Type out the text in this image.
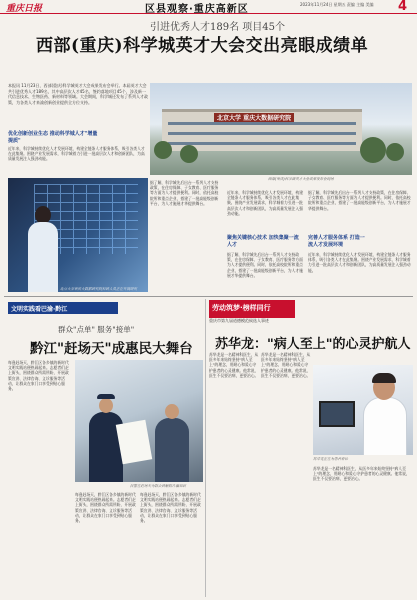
重庆日报	区县观察·重庆高新区	2023年11月24日 星期五 责编 主编 美编	4
引进优秀人才189名 项目45个
西部(重庆)科学城英才大会交出亮眼成绩单
本报讯 11月23日，西部(重庆)科学城英才大会成果发布会举行。本届英才大会共引进优秀人才189名，其中高层次人才45名，签约落地项目45个，涉及新一代信息技术、生物医药、新材料等领域。大会期间，科学城还发布了系列人才政策，为各类人才来渝创新创业提供全方位支持。
北京大学 重庆大数据研究院
西部(重庆)科学城英才大会成果发布会现场
优化创新创业生态 推动科学城人才"增量提质"
近年来，科学城持续优化人才发展环境，构建全链条人才服务体系，吸引各类人才在此集聚。围绕产业发展需求，科学城着力引进一批高层次人才和创新团队，为高质量发展注入强劲动能。
北京大学重庆大数据研究院科研人员正在开展研究
据了解，科学城先后出台一系列人才支持政策，在住房保障、子女教育、医疗服务等方面为人才提供便利。同时，依托高校院所和重点企业，搭建了一批高能级创新平台，为人才施展才华提供舞台。
近年来，科学城持续优化人才发展环境，构建全链条人才服务体系，吸引各类人才在此集聚。围绕产业发展需求，科学城着力引进一批高层次人才和创新团队，为高质量发展注入强劲动能。
聚焦关键核心技术 加快集聚一流人才
据了解，科学城先后出台一系列人才支持政策，在住房保障、子女教育、医疗服务等方面为人才提供便利。同时，依托高校院所和重点企业，搭建了一批高能级创新平台，为人才施展才华提供舞台。
完善人才服务体系 打造一流人才发展环境
据了解，科学城先后出台一系列人才支持政策，在住房保障、子女教育、医疗服务等方面为人才提供便利。同时，依托高校院所和重点企业，搭建了一批高能级创新平台，为人才施展才华提供舞台。
近年来，科学城持续优化人才发展环境，构建全链条人才服务体系，吸引各类人才在此集聚。围绕产业发展需求，科学城着力引进一批高层次人才和创新团队，为高质量发展注入强劲动能。
文明实践看巴渝·黔江
群众"点单" 服务"接单"
黔江"赶场天"成惠民大舞台
每逢赶场天，黔江区各乡镇的新时代文明实践站便热闹起来。志愿者们走上街头，围绕群众所需所盼，开展政策宣讲、法律咨询、义诊服务等活动，让群众在家门口享受到贴心服务。
民警在赶场天为群众讲解防诈骗知识
每逢赶场天，黔江区各乡镇的新时代文明实践站便热闹起来。志愿者们走上街头，围绕群众所需所盼，开展政策宣讲、法律咨询、义诊服务等活动，让群众在家门口享受到贴心服务。
每逢赶场天，黔江区各乡镇的新时代文明实践站便热闹起来。志愿者们走上街头，围绕群众所需所盼，开展政策宣讲、法律咨询、义诊服务等活动，让群众在家门口享受到贴心服务。
劳动筑梦·榜样同行
重庆市第九届道德模范候选人事迹
苏华龙："病人至上"的心灵护航人
苏华龙是一名精神科医生，从医多年来始终坚持"病人至上"的理念，用耐心和爱心守护患者的心灵健康。他常说，医生不仅要治病，更要治心。
苏华龙是一名精神科医生，从医多年来始终坚持"病人至上"的理念，用耐心和爱心守护患者的心灵健康。他常说，医生不仅要治病，更要治心。
苏华龙正在为患者看诊
苏华龙是一名精神科医生，从医多年来始终坚持"病人至上"的理念，用耐心和爱心守护患者的心灵健康。他常说，医生不仅要治病，更要治心。
